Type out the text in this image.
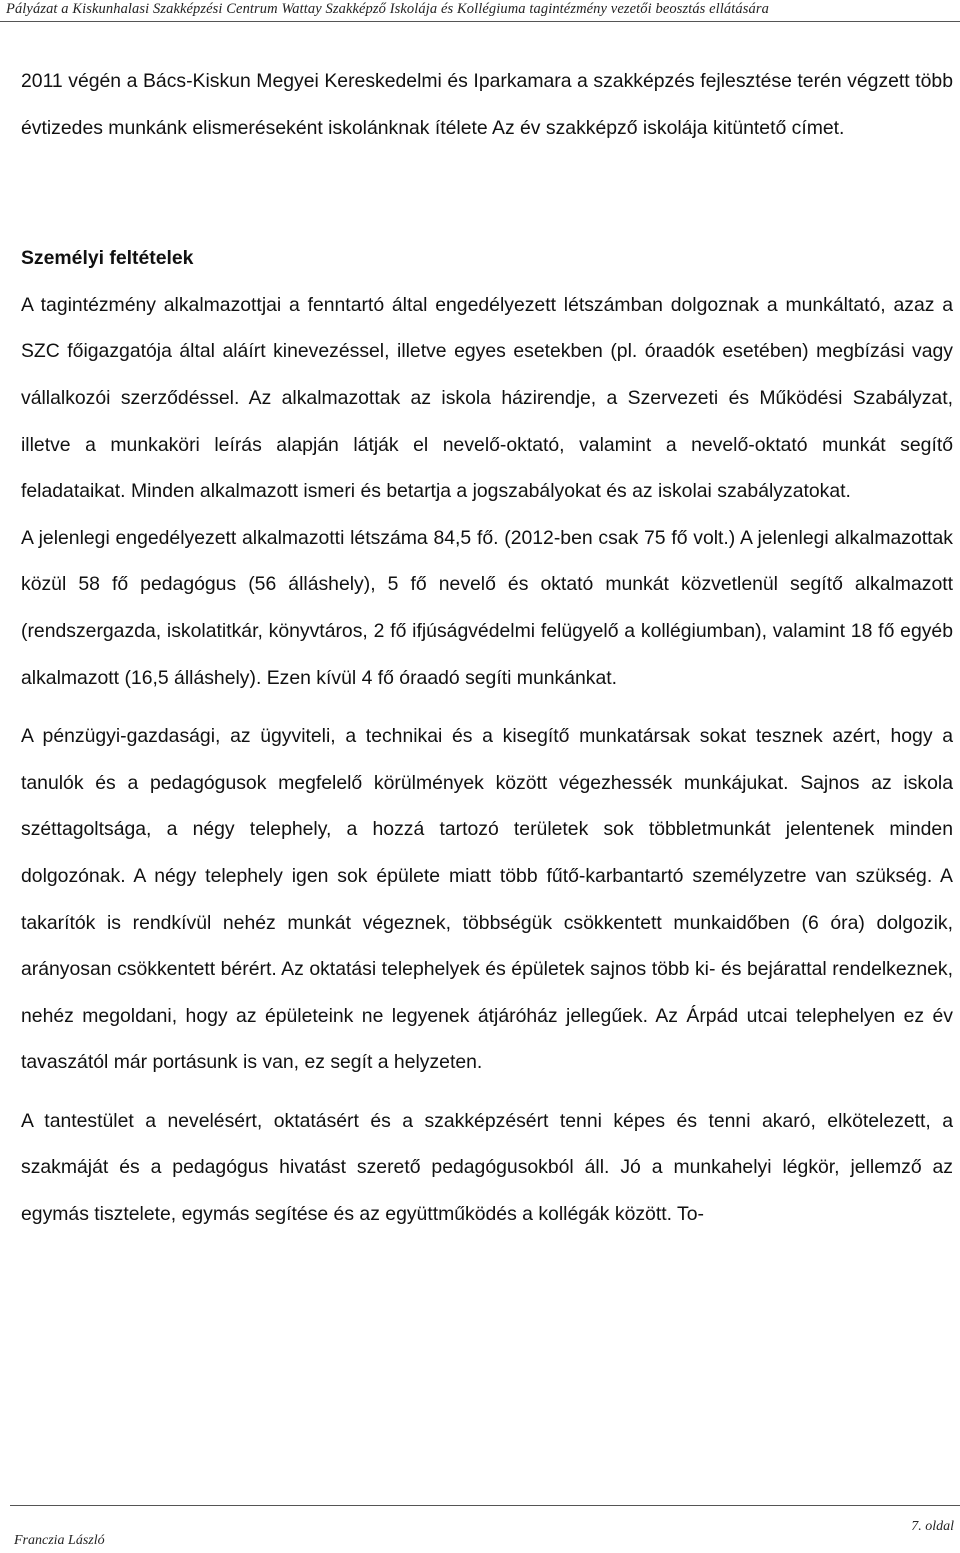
Pályázat a Kiskunhalasi Szakképzési Centrum Wattay Szakképző Iskolája és Kollégiuma tagintézmény vezetői beosztás ellátására

2011 végén a Bács-Kiskun Megyei Kereskedelmi és Iparkamara a szakképzés fejlesztése terén végzett több évtizedes munkánk elismeréseként iskolánknak ítélete Az év szakképző iskolája kitüntető címet.

Személyi feltételek

A tagintézmény alkalmazottjai a fenntartó által engedélyezett létszámban dolgoznak a munkáltató, azaz a SZC főigazgatója által aláírt kinevezéssel, illetve egyes esetekben (pl. óraadók esetében) megbízási vagy vállalkozói szerződéssel. Az alkalmazottak az iskola házirendje, a Szervezeti és Működési Szabályzat, illetve a munkaköri leírás alapján látják el nevelő-oktató, valamint a nevelő-oktató munkát segítő feladataikat. Minden alkalmazott ismeri és betartja a jogszabályokat és az iskolai szabályzatokat.

A jelenlegi engedélyezett alkalmazotti létszáma 84,5 fő. (2012-ben csak 75 fő volt.) A jelenlegi alkalmazottak közül 58 fő pedagógus (56 álláshely), 5 fő nevelő és oktató munkát közvetlenül segítő alkalmazott (rendszergazda, iskolatitkár, könyvtáros, 2 fő ifjúságvédelmi felügyelő a kollégiumban), valamint 18 fő egyéb alkalmazott (16,5 álláshely). Ezen kívül 4 fő óraadó segíti munkánkat.

A pénzügyi-gazdasági, az ügyviteli, a technikai és a kisegítő munkatársak sokat tesznek azért, hogy a tanulók és a pedagógusok megfelelő körülmények között végezhessék munkájukat. Sajnos az iskola széttagoltsága, a négy telephely, a hozzá tartozó területek sok többletmunkát jelentenek minden dolgozónak. A négy telephely igen sok épülete miatt több fűtő-karbantartó személyzetre van szükség. A takarítók is rendkívül nehéz munkát végeznek, többségük csökkentett munkaidőben (6 óra) dolgozik, arányosan csökkentett bérért. Az oktatási telephelyek és épületek sajnos több ki- és bejárattal rendelkeznek, nehéz megoldani, hogy az épületeink ne legyenek átjáróház jellegűek. Az Árpád utcai telephelyen ez év tavaszától már portásunk is van, ez segít a helyzeten.

A tantestület a nevelésért, oktatásért és a szakképzésért tenni képes és tenni akaró, elkötelezett, a szakmáját és a pedagógus hivatást szerető pedagógusokból áll. Jó a munkahelyi légkör, jellemző az egymás tisztelete, egymás segítése és az együttműködés a kollégák között. To-

Franczia László
7. oldal
